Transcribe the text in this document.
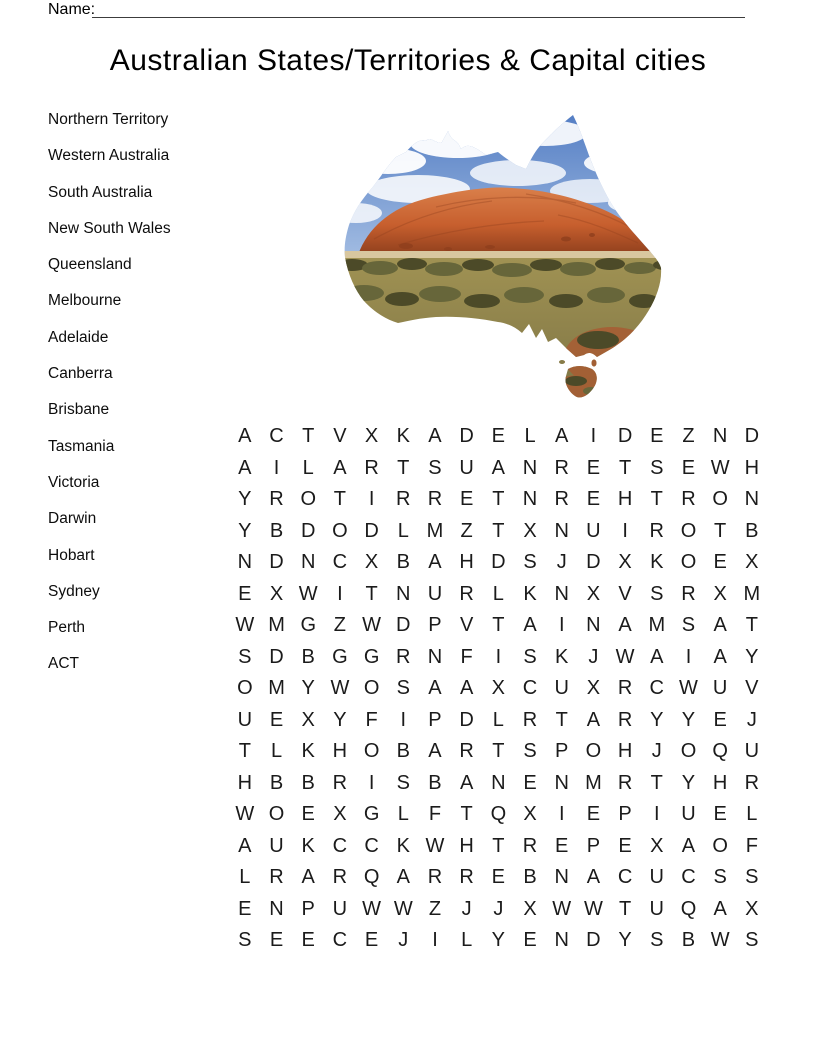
Name:
Australian States/Territories & Capital cities
Northern Territory
Western Australia
South Australia
New South Wales
Queensland
Melbourne
Adelaide
Canberra
Brisbane
Tasmania
Victoria
Darwin
Hobart
Sydney
Perth
ACT
A C T V X K A D E L A	I	D E Z N D
A	I	L A R T S U A N R E T S E W H
Y R O T	I	R R E T N R E H T R O N
Y B D O D L M Z T X N U	I	R O T B
N D N C X B A H D S	J D X K O E X
E X W I	T N U R L K N X V S R X M
W M G Z W D P V T A	I	N A M S A T
S D B G G R N F	I	S K	J W A	I	A Y
O M Y W O S A A X C U X R C W U V
U E X Y F	I	P D L R T A R Y Y E	J
T	L K H O B A R T S P O H J O Q U
H B B R	I	S B A N E N M R T Y H R
W O E X G L	F T Q X	I	E P	I	U E L
A U K C C K W H T R E P E X A O F
L R A R Q A R R E B N A C U C S S
E N P U W W Z	J	J	X W W T U Q A X
S E E C E	J	I	L Y E N D Y S B W S
